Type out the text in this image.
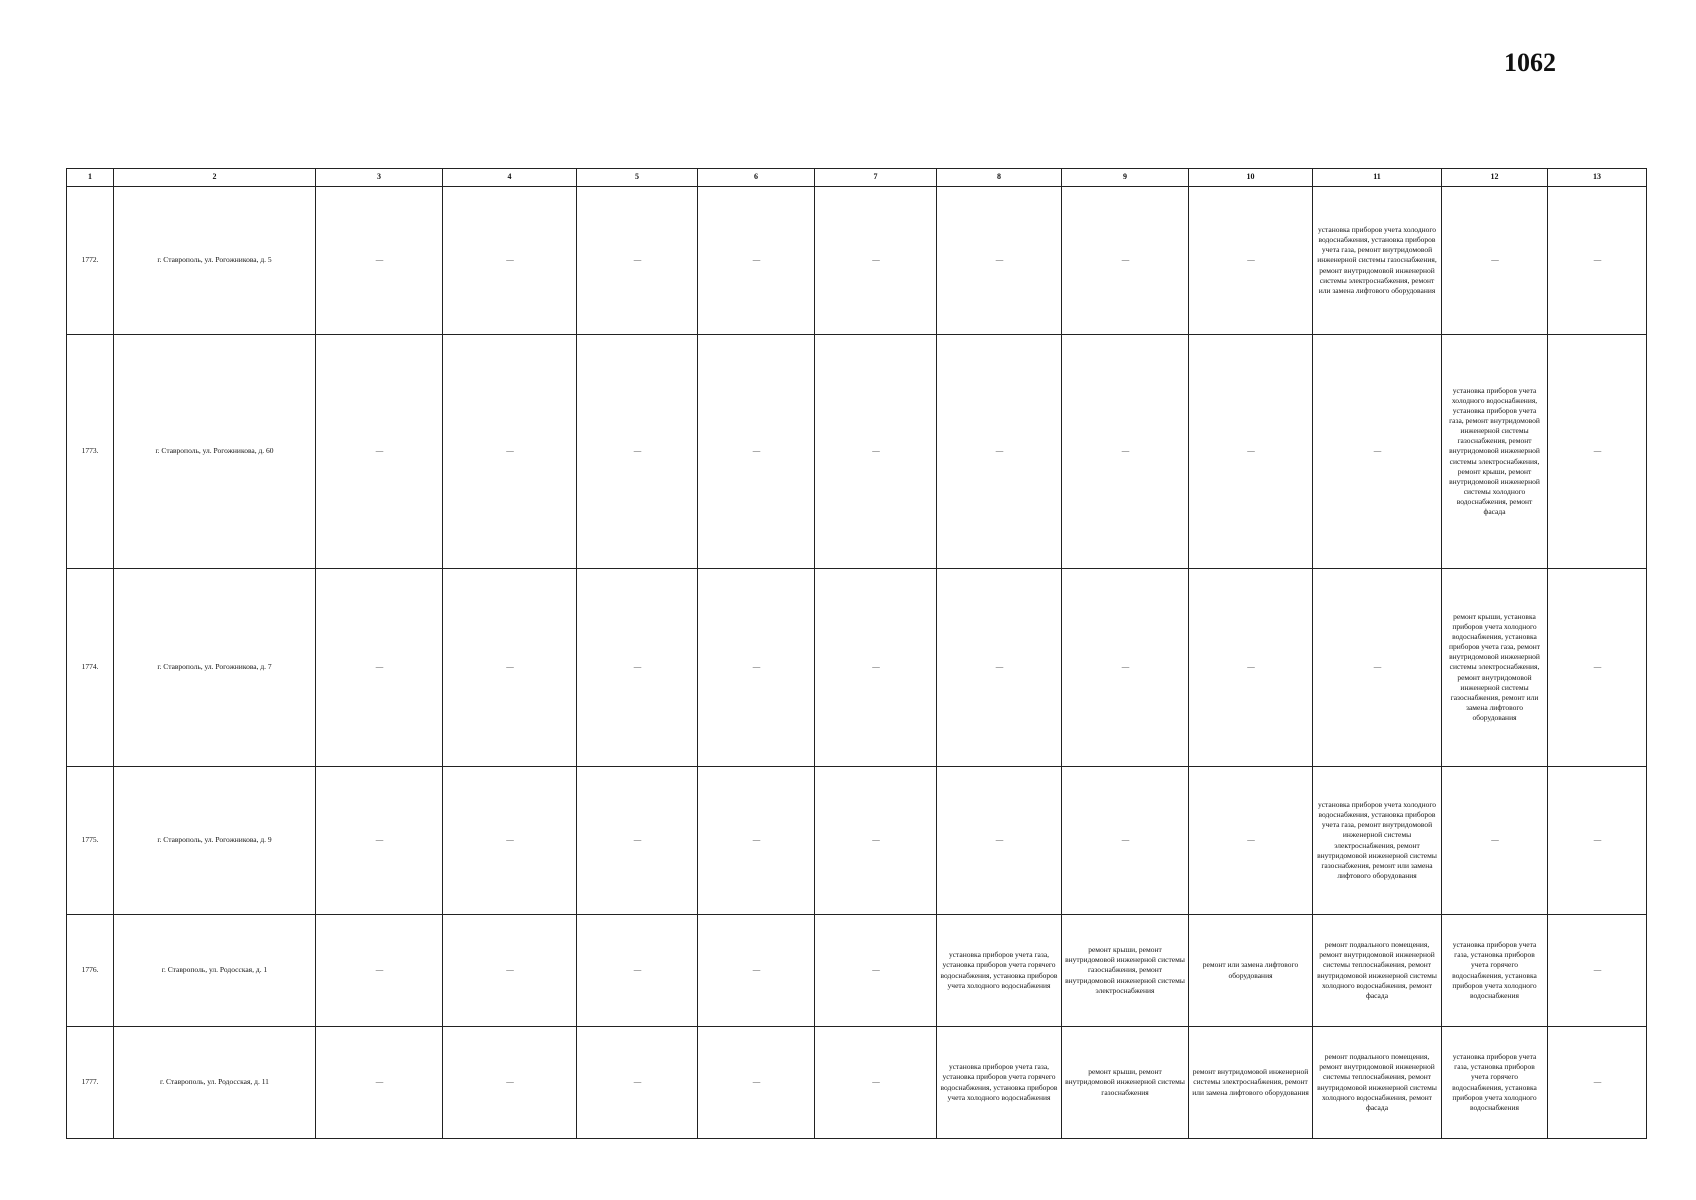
1062
1	2	3	4	5	6	7	8	9	10	11	12	13
1772.	г. Ставрополь, ул. Рогожникова, д. 5	—	—	—	—	—	—	—	—	установка приборов учета холодного водоснабжения, установка приборов учета газа, ремонт внутридомовой инженерной системы газоснабжения, ремонт внутридомовой инженерной системы электроснабжения, ремонт или замена лифтового оборудования	—	—
1773.	г. Ставрополь, ул. Рогожникова, д. 60	—	—	—	—	—	—	—	—	—	установка приборов учета холодного водоснабжения, установка приборов учета газа, ремонт внутридомовой инженерной системы газоснабжения, ремонт внутридомовой инженерной системы электроснабжения, ремонт крыши, ремонт внутридомовой инженерной системы холодного водоснабжения, ремонт фасада	—
1774.	г. Ставрополь, ул. Рогожникова, д. 7	—	—	—	—	—	—	—	—	—	ремонт крыши, установка приборов учета холодного водоснабжения, установка приборов учета газа, ремонт внутридомовой инженерной системы электроснабжения, ремонт внутридомовой инженерной системы газоснабжения, ремонт или замена лифтового оборудования	—
1775.	г. Ставрополь, ул. Рогожникова, д. 9	—	—	—	—	—	—	—	—	установка приборов учета холодного водоснабжения, установка приборов учета газа, ремонт внутридомовой инженерной системы электроснабжения, ремонт внутридомовой инженерной системы газоснабжения, ремонт или замена лифтового оборудования	—	—
1776.	г. Ставрополь, ул. Родосская, д. 1	—	—	—	—	—	установка приборов учета газа, установка приборов учета горячего водоснабжения, установка приборов учета холодного водоснабжения	ремонт крыши, ремонт внутридомовой инженерной системы газоснабжения, ремонт внутридомовой инженерной системы электроснабжения	ремонт или замена лифтового оборудования	ремонт подвального помещения, ремонт внутридомовой инженерной системы теплоснабжения, ремонт внутридомовой инженерной системы холодного водоснабжения, ремонт фасада	установка приборов учета газа, установка приборов учета горячего водоснабжения, установка приборов учета холодного водоснабжения	—
1777.	г. Ставрополь, ул. Родосская, д. 11	—	—	—	—	—	установка приборов учета газа, установка приборов учета горячего водоснабжения, установка приборов учета холодного водоснабжения	ремонт крыши, ремонт внутридомовой инженерной системы газоснабжения	ремонт внутридомовой инженерной системы электроснабжения, ремонт или замена лифтового оборудования	ремонт подвального помещения, ремонт внутридомовой инженерной системы теплоснабжения, ремонт внутридомовой инженерной системы холодного водоснабжения, ремонт фасада	установка приборов учета газа, установка приборов учета горячего водоснабжения, установка приборов учета холодного водоснабжения	—
